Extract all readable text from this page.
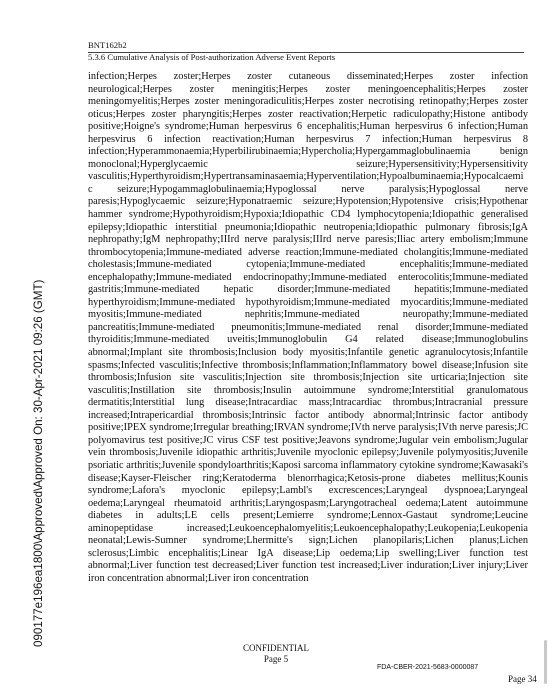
BNT162b2
5.3.6 Cumulative Analysis of Post-authorization Adverse Event Reports
infection;Herpes zoster;Herpes zoster cutaneous disseminated;Herpes zoster infection neurological;Herpes zoster meningitis;Herpes zoster meningoencephalitis;Herpes zoster meningomyelitis;Herpes zoster meningoradiculitis;Herpes zoster necrotising retinopathy;Herpes zoster oticus;Herpes zoster pharyngitis;Herpes zoster reactivation;Herpetic radiculopathy;Histone antibody positive;Hoigne's syndrome;Human herpesvirus 6 encephalitis;Human herpesvirus 6 infection;Human herpesvirus 6 infection reactivation;Human herpesvirus 7 infection;Human herpesvirus 8 infection;Hyperammonaemia;Hyperbilirubinaemia;Hypercholia;Hypergammaglobulinaemia benign monoclonal;Hyperglycaemic seizure;Hypersensitivity;Hypersensitivity vasculitis;Hyperthyroidism;Hypertransaminasaemia;Hyperventilation;Hypoalbuminaemia;Hypocalcaemic seizure;Hypogammaglobulinaemia;Hypoglossal nerve paralysis;Hypoglossal nerve paresis;Hypoglycaemic seizure;Hyponatraemic seizure;Hypotension;Hypotensive crisis;Hypothenar hammer syndrome;Hypothyroidism;Hypoxia;Idiopathic CD4 lymphocytopenia;Idiopathic generalised epilepsy;Idiopathic interstitial pneumonia;Idiopathic neutropenia;Idiopathic pulmonary fibrosis;IgA nephropathy;IgM nephropathy;IIIrd nerve paralysis;IIIrd nerve paresis;Iliac artery embolism;Immune thrombocytopenia;Immune-mediated adverse reaction;Immune-mediated cholangitis;Immune-mediated cholestasis;Immune-mediated cytopenia;Immune-mediated encephalitis;Immune-mediated encephalopathy;Immune-mediated endocrinopathy;Immune-mediated enterocolitis;Immune-mediated gastritis;Immune-mediated hepatic disorder;Immune-mediated hepatitis;Immune-mediated hyperthyroidism;Immune-mediated hypothyroidism;Immune-mediated myocarditis;Immune-mediated myositis;Immune-mediated nephritis;Immune-mediated neuropathy;Immune-mediated pancreatitis;Immune-mediated pneumonitis;Immune-mediated renal disorder;Immune-mediated thyroiditis;Immune-mediated uveitis;Immunoglobulin G4 related disease;Immunoglobulins abnormal;Implant site thrombosis;Inclusion body myositis;Infantile genetic agranulocytosis;Infantile spasms;Infected vasculitis;Infective thrombosis;Inflammation;Inflammatory bowel disease;Infusion site thrombosis;Infusion site vasculitis;Injection site thrombosis;Injection site urticaria;Injection site vasculitis;Instillation site thrombosis;Insulin autoimmune syndrome;Interstitial granulomatous dermatitis;Interstitial lung disease;Intracardiac mass;Intracardiac thrombus;Intracranial pressure increased;Intrapericardial thrombosis;Intrinsic factor antibody abnormal;Intrinsic factor antibody positive;IPEX syndrome;Irregular breathing;IRVAN syndrome;IVth nerve paralysis;IVth nerve paresis;JC polyomavirus test positive;JC virus CSF test positive;Jeavons syndrome;Jugular vein embolism;Jugular vein thrombosis;Juvenile idiopathic arthritis;Juvenile myoclonic epilepsy;Juvenile polymyositis;Juvenile psoriatic arthritis;Juvenile spondyloarthritis;Kaposi sarcoma inflammatory cytokine syndrome;Kawasaki's disease;Kayser-Fleischer ring;Keratoderma blenorrhagica;Ketosis-prone diabetes mellitus;Kounis syndrome;Lafora's myoclonic epilepsy;Lambl's excrescences;Laryngeal dyspnoea;Laryngeal oedema;Laryngeal rheumatoid arthritis;Laryngospasm;Laryngotracheal oedema;Latent autoimmune diabetes in adults;LE cells present;Lemierre syndrome;Lennox-Gastaut syndrome;Leucine aminopeptidase increased;Leukoencephalomyelitis;Leukoencephalopathy;Leukopenia;Leukopenia neonatal;Lewis-Sumner syndrome;Lhermitte's sign;Lichen planopilaris;Lichen planus;Lichen sclerosus;Limbic encephalitis;Linear IgA disease;Lip oedema;Lip swelling;Liver function test abnormal;Liver function test decreased;Liver function test increased;Liver induration;Liver injury;Liver iron concentration abnormal;Liver iron concentration
090177e196ea1800\Approved\Approved On: 30-Apr-2021 09:26 (GMT)
CONFIDENTIAL
Page 5
FDA-CBER-2021-5683-0000087
Page 34
